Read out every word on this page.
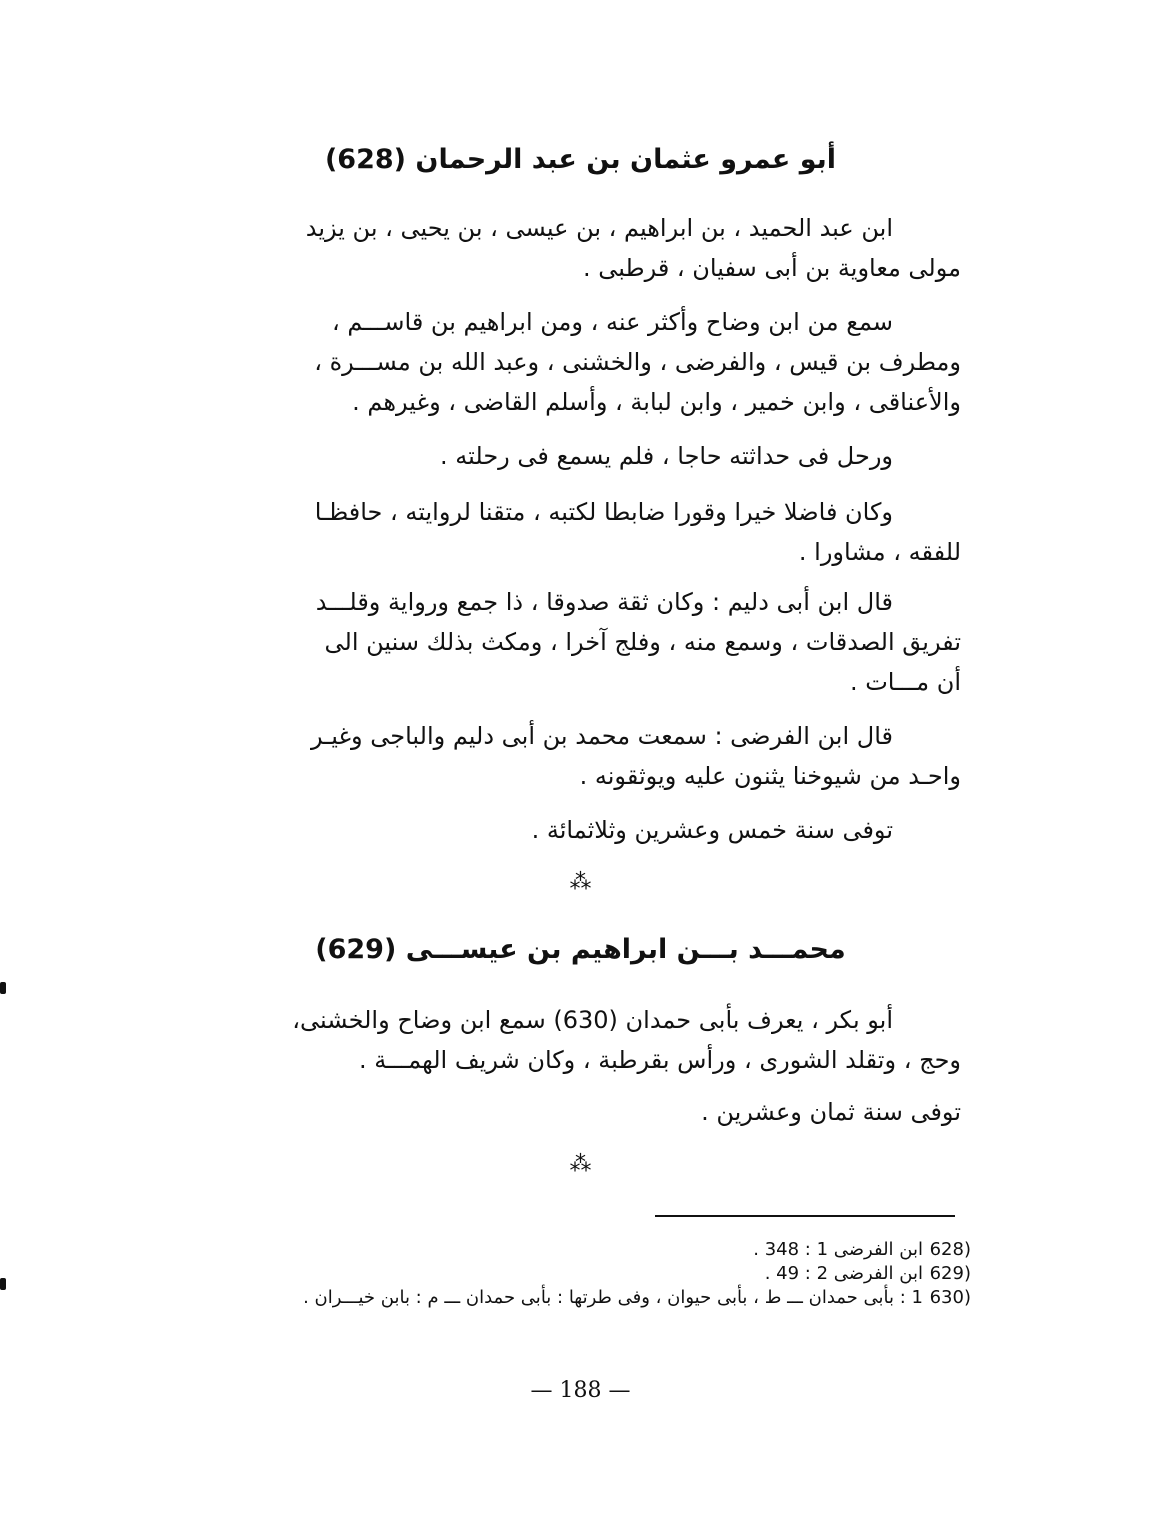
أبو عمرو عثمان بن عبد الرحمان (628)
ابن عبد الحميد ، بن ابراهيم ، بن عيسى ، بن يحيى ، بن يزيد
مولى معاوية بن أبى سفيان ، قرطبى .
سمع من ابن وضاح وأكثر عنه ، ومن ابراهيم بن قاســـم ،
ومطرف بن قيس ، والفرضى ، والخشنى ، وعبد الله بن مســـرة ،
والأعناقى ، وابن خمير ، وابن لبابة ، وأسلم القاضى ، وغيرهم .
ورحل فى حداثته حاجا ، فلم يسمع فى رحلته .
وكان فاضلا خيرا وقورا ضابطا لكتبه ، متقنا لروايته ، حافظـا
للفقه ، مشاورا .
قال ابن أبى دليم : وكان ثقة صدوقا ، ذا جمع ورواية وقلـــد
تفريق الصدقات ، وسمع منه ، وفلج آخرا ، ومكث بذلك سنين الى
أن مـــات .
قال ابن الفرضى : سمعت محمد بن أبى دليم والباجى وغيـر
واحـد من شيوخنا يثنون عليه ويوثقونه .
توفى سنة خمس وعشرين وثلاثمائة .
⁂
محمـــد بـــن ابراهيم بن عيســـى (629)
أبو بكر ، يعرف بأبى حمدان (630) سمع ابن وضاح والخشنى،
وحج ، وتقلد الشورى ، ورأس بقرطبة ، وكان شريف الهمـــة .
توفى سنة ثمان وعشرين .
⁂
(628
ابن الفرضى 1 : 348 .
(629
ابن الفرضى 2 : 49 .
(630
1 : بأبى حمدان ـــ ط ، بأبى حيوان ، وفى طرتها : بأبى حمدان ـــ م : بابن خيـــران .
— 188 —
